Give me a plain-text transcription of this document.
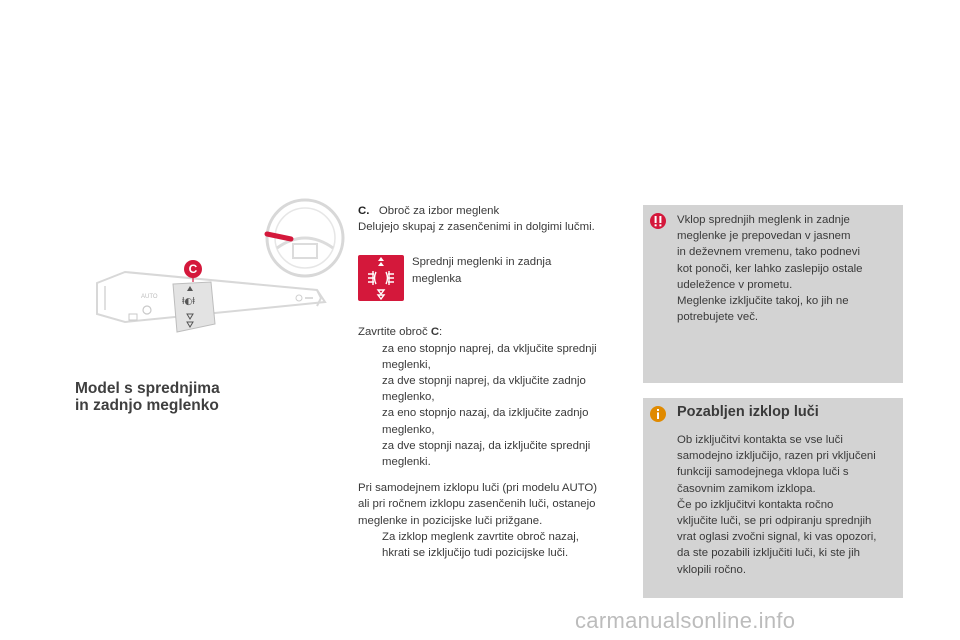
AUTO	ⱡ◐ⱡ
C
Model s sprednjima
in zadnjo meglenko

C. Obroč za izbor meglenk

Delujejo skupaj z zasenčenimi in dolgimi lučmi.

Sprednji meglenki in zadnja
meglenka

Zavrtite obroč C:

za eno stopnjo naprej, da vključite sprednji
meglenki,
za dve stopnji naprej, da vključite zadnjo
meglenko,
za eno stopnjo nazaj, da izključite zadnjo
meglenko,
za dve stopnji nazaj, da izključite sprednji
meglenki.

Pri samodejnem izklopu luči (pri modelu AUTO)

ali pri ročnem izklopu zasenčenih luči, ostanejo

meglenke in pozicijske luči prižgane.

Za izklop meglenk zavrtite obroč nazaj,
hkrati se izključijo tudi pozicijske luči.
Vklop sprednjih meglenk in zadnje
meglenke je prepovedan v jasnem
in deževnem vremenu, tako podnevi
kot ponoči, ker lahko zaslepijo ostale
udeležence v prometu.
Meglenke izključite takoj, ko jih ne
potrebujete več.
Pozabljen izklop luči
Ob izključitvi kontakta se vse luči
samodejno izključijo, razen pri vključeni
funkciji samodejnega vklopa luči s
časovnim zamikom izklopa.
Če po izključitvi kontakta ročno
vključite luči, se pri odpiranju sprednjih
vrat oglasi zvočni signal, ki vas opozori,
da ste pozabili izključiti luči, ki ste jih
vklopili ročno.
carmanualsonline.info
